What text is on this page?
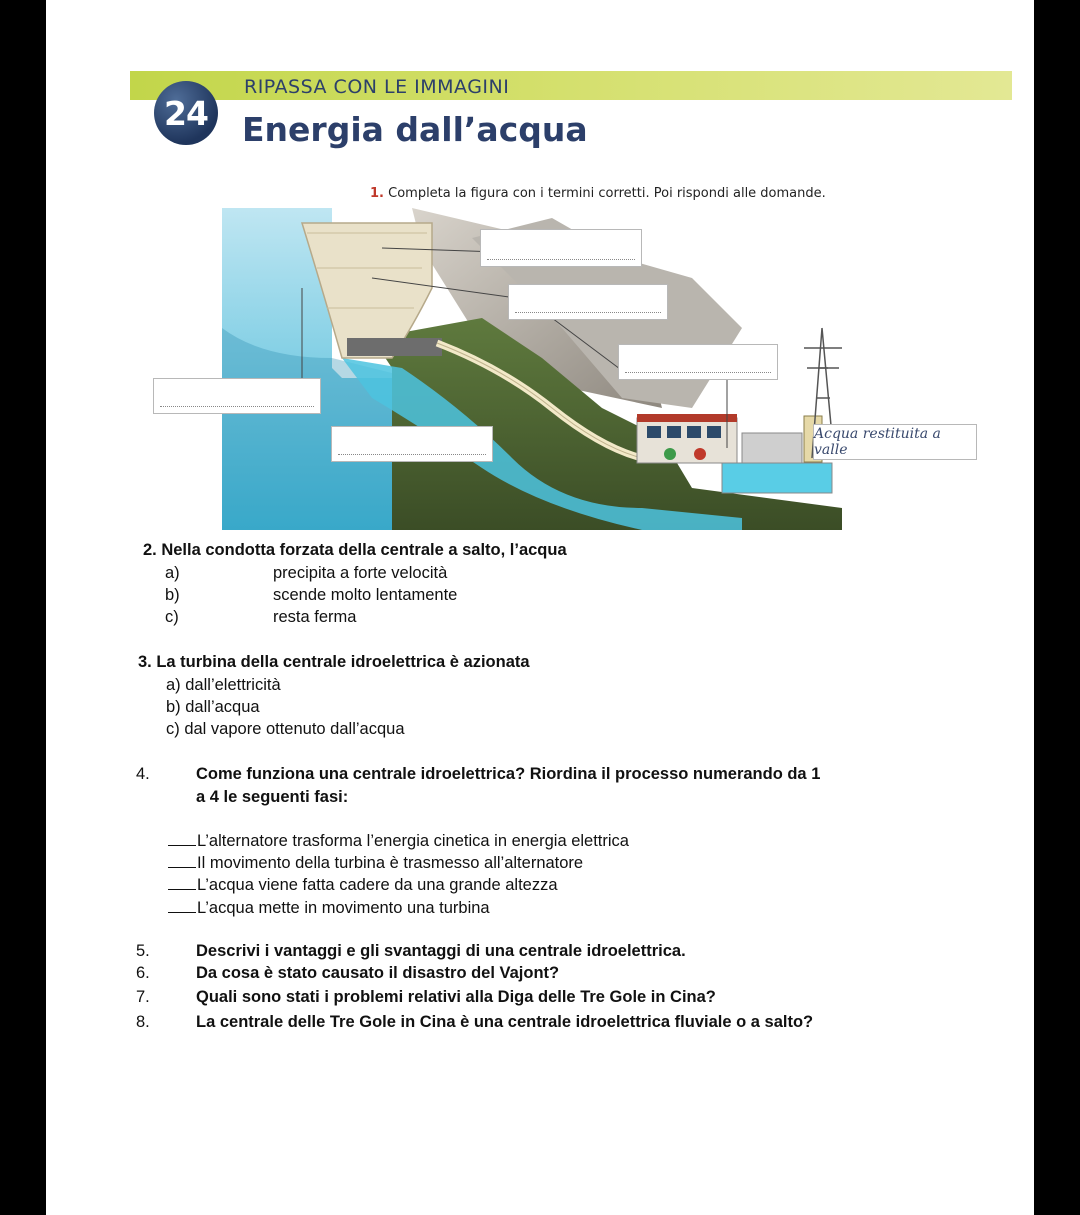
RIPASSA CON LE IMMAGINI
24	Energia dall’acqua
1. Completa la figura con i termini corretti. Poi rispondi alle domande.
Acqua restituita a valle
2. Nella condotta forzata della centrale a salto, l’acqua
a)	precipita a forte velocità
b)	scende molto lentamente
c)	resta ferma
3. La turbina della centrale idroelettrica è azionata
a) dall’elettricità
b) dall’acqua
c) dal vapore ottenuto dall’acqua
4.	Come funziona una centrale idroelettrica? Riordina il processo numerando da 1
a 4 le seguenti fasi:
L’alternatore trasforma l’energia cinetica in energia elettrica
Il movimento della turbina è trasmesso all’alternatore
L’acqua viene fatta cadere da una grande altezza
L’acqua mette in movimento una turbina
5.	Descrivi i vantaggi e gli svantaggi di una centrale idroelettrica.
6.	Da cosa è stato causato il disastro del Vajont?
7.	Quali sono stati i problemi relativi alla Diga delle Tre Gole in Cina?
8.	La centrale delle Tre Gole in Cina è una centrale idroelettrica fluviale o a salto?
